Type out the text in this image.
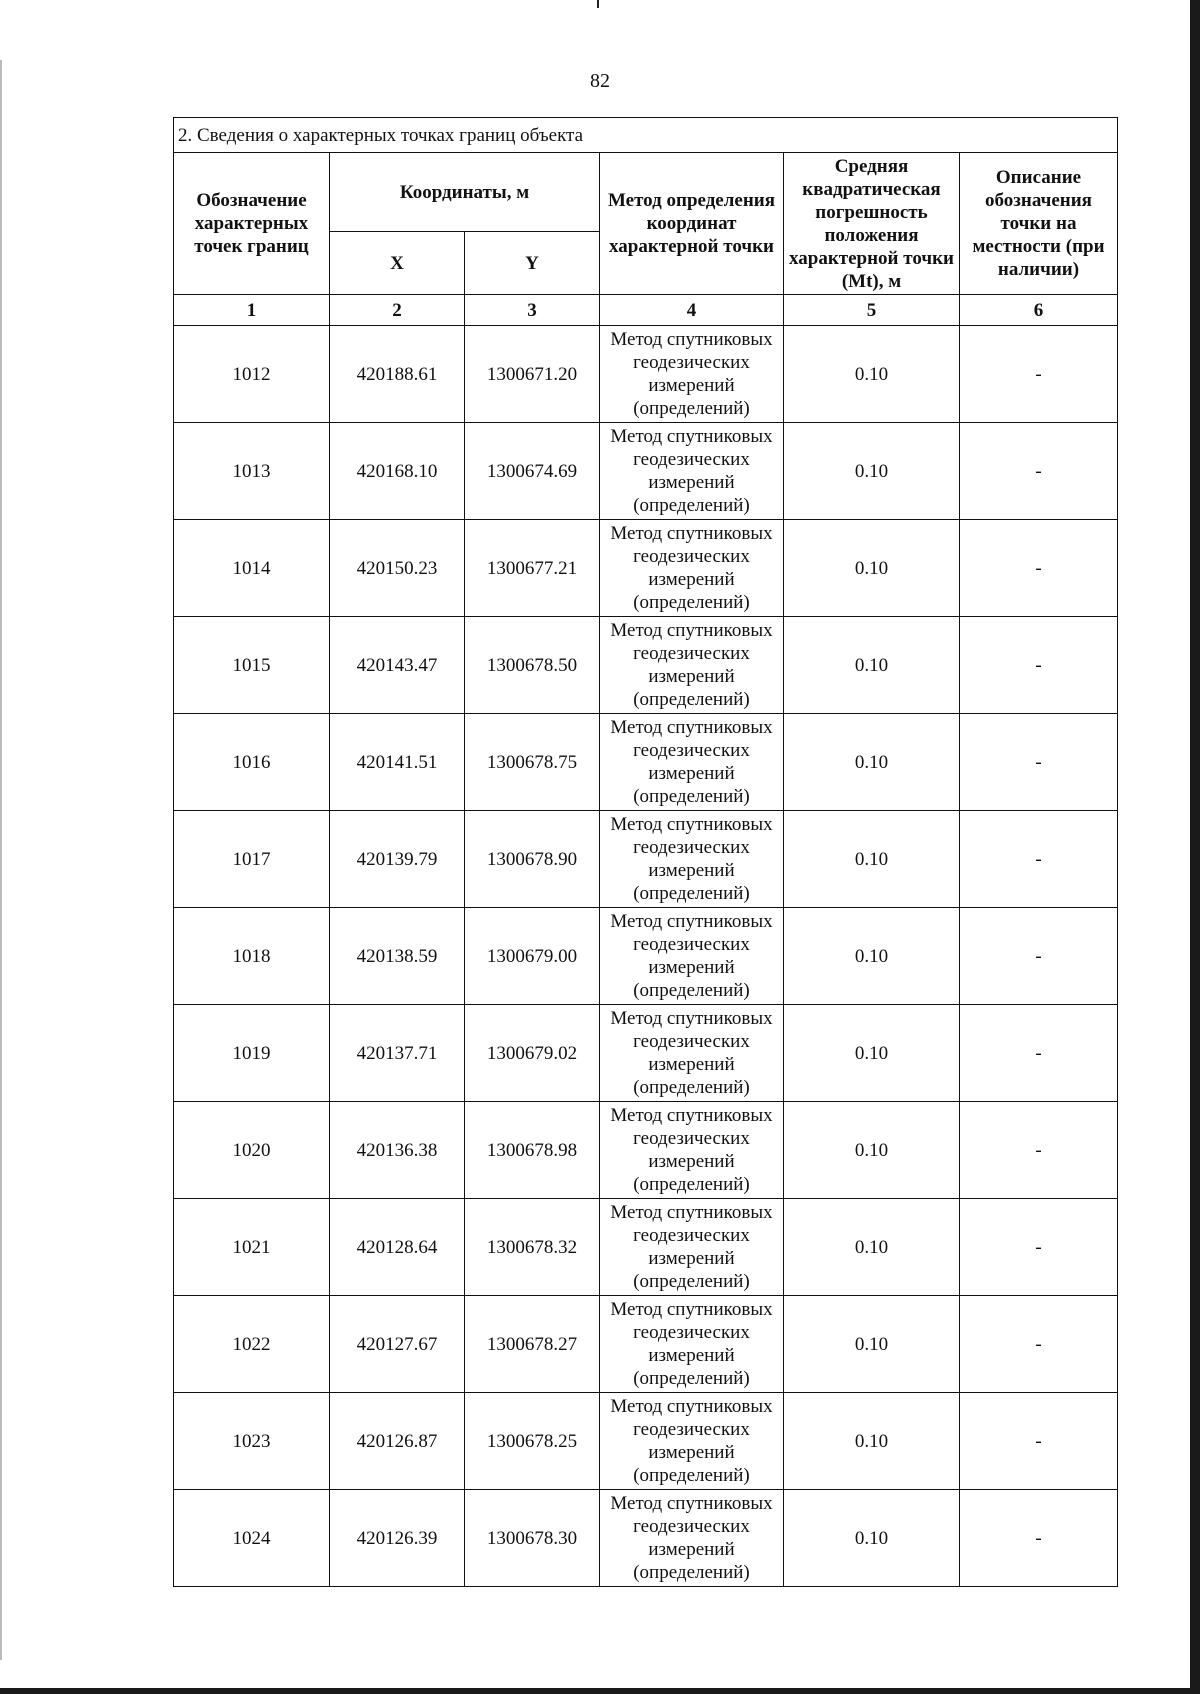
82
2. Сведения о характерных точках границ объекта					
Обозначение характерных точек границ	Координаты, м		Метод определения координат характерной точки	Средняя квадратическая погрешность положения характерной точки (Mt), м	Описание обозначения точки на местности (при наличии)
	X	Y			
1	2	3	4	5	6
1012	420188.61	1300671.20	Метод спутниковых геодезических измерений (определений)	0.10	-
1013	420168.10	1300674.69	Метод спутниковых геодезических измерений (определений)	0.10	-
1014	420150.23	1300677.21	Метод спутниковых геодезических измерений (определений)	0.10	-
1015	420143.47	1300678.50	Метод спутниковых геодезических измерений (определений)	0.10	-
1016	420141.51	1300678.75	Метод спутниковых геодезических измерений (определений)	0.10	-
1017	420139.79	1300678.90	Метод спутниковых геодезических измерений (определений)	0.10	-
1018	420138.59	1300679.00	Метод спутниковых геодезических измерений (определений)	0.10	-
1019	420137.71	1300679.02	Метод спутниковых геодезических измерений (определений)	0.10	-
1020	420136.38	1300678.98	Метод спутниковых геодезических измерений (определений)	0.10	-
1021	420128.64	1300678.32	Метод спутниковых геодезических измерений (определений)	0.10	-
1022	420127.67	1300678.27	Метод спутниковых геодезических измерений (определений)	0.10	-
1023	420126.87	1300678.25	Метод спутниковых геодезических измерений (определений)	0.10	-
1024	420126.39	1300678.30	Метод спутниковых геодезических измерений (определений)	0.10	-
